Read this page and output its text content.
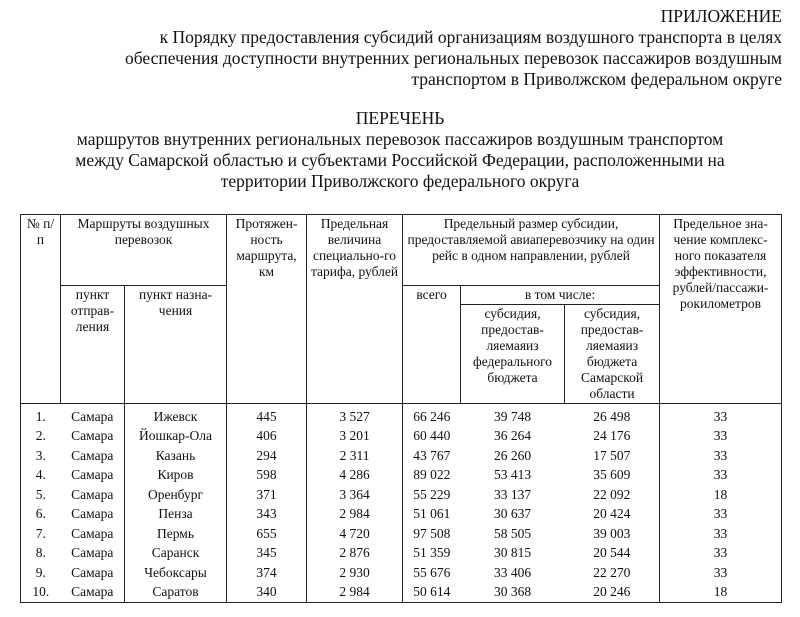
ПРИЛОЖЕНИЕ
к Порядку предоставления субсидий организациям воздушного транспорта в целях
обеспечения доступности внутренних региональных перевозок пассажиров воздушным
транспортом в Приволжском федеральном округе
ПЕРЕЧЕНЬ
маршрутов внутренних региональных перевозок пассажиров воздушным транспортом
между Самарской областью и субъектами Российской Федерации, расположенными на
территории Приволжского федерального округа
№ п/п	Маршруты воздушных перевозок		Протяжен-ность маршрута, км	Предельная величина специально-го тарифа, рублей	Предельный размер субсидии, предоставляемой авиаперевозчику на один рейс в одном направлении, рублей			Предельное зна-чение комплекс-ного показателя эффективности, рублей/пассажи-рокилометров
	пункт отправ-ления	пункт назна-чения			всего	в том числе:		
						субсидия, предостав-ляемаяиз федерального бюджета	субсидия, предостав-ляемаяиз бюджета Самарской области	
1.	Самара	Ижевск	445	3 527	66 246	39 748	26 498	33
2.	Самара	Йошкар-Ола	406	3 201	60 440	36 264	24 176	33
3.	Самара	Казань	294	2 311	43 767	26 260	17 507	33
4.	Самара	Киров	598	4 286	89 022	53 413	35 609	33
5.	Самара	Оренбург	371	3 364	55 229	33 137	22 092	18
6.	Самара	Пенза	343	2 984	51 061	30 637	20 424	33
7.	Самара	Пермь	655	4 720	97 508	58 505	39 003	33
8.	Самара	Саранск	345	2 876	51 359	30 815	20 544	33
9.	Самара	Чебоксары	374	2 930	55 676	33 406	22 270	33
10.	Самара	Саратов	340	2 984	50 614	30 368	20 246	18
